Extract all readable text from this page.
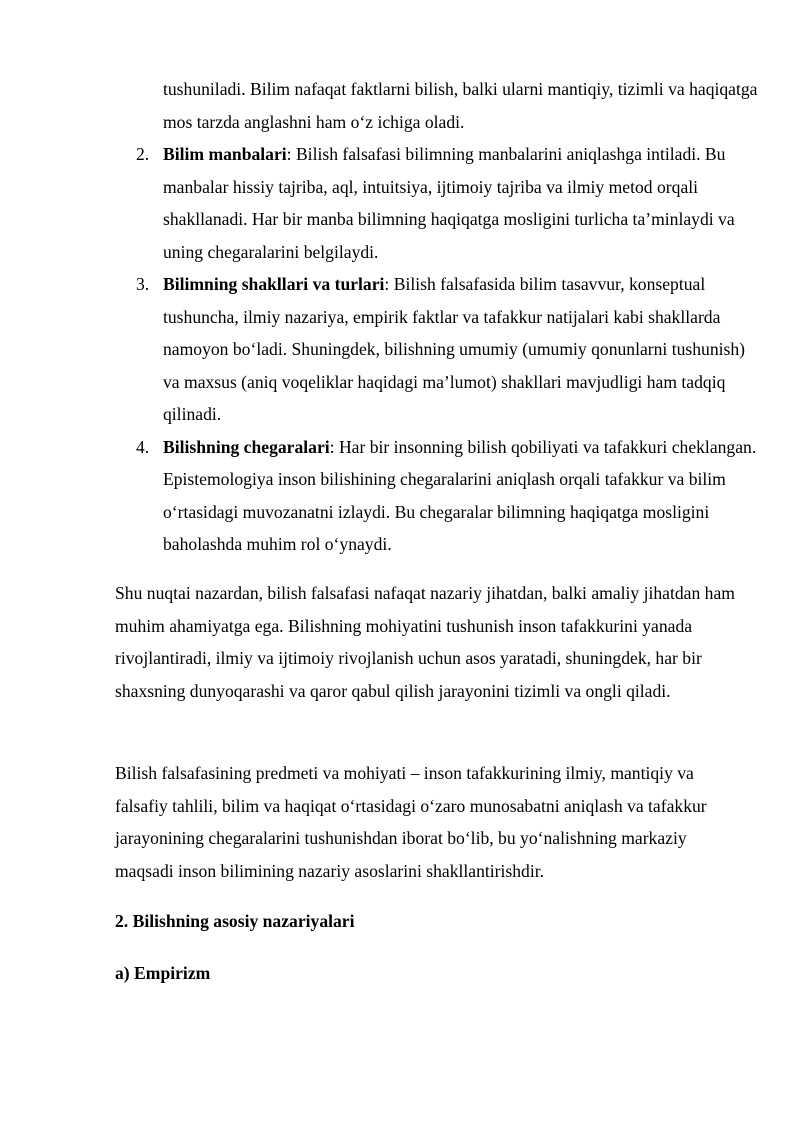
tushuniladi. Bilim nafaqat faktlarni bilish, balki ularni mantiqiy, tizimli va haqiqatga mos tarzda anglashni ham o‘z ichiga oladi.

2. Bilim manbalari: Bilish falsafasi bilimning manbalarini aniqlashga intiladi. Bu manbalar hissiy tajriba, aql, intuitsiya, ijtimoiy tajriba va ilmiy metod orqali shakllanadi. Har bir manba bilimning haqiqatga mosligini turlicha ta’minlaydi va uning chegaralarini belgilaydi.
3. Bilimning shakllari va turlari: Bilish falsafasida bilim tasavvur, konseptual tushuncha, ilmiy nazariya, empirik faktlar va tafakkur natijalari kabi shakllarda namoyon bo‘ladi. Shuningdek, bilishning umumiy (umumiy qonunlarni tushunish) va maxsus (aniq voqeliklar haqidagi ma’lumot) shakllari mavjudligi ham tadqiq qilinadi.
4. Bilishning chegaralari: Har bir insonning bilish qobiliyati va tafakkuri cheklangan. Epistemologiya inson bilishining chegaralarini aniqlash orqali tafakkur va bilim o‘rtasidagi muvozanatni izlaydi. Bu chegaralar bilimning haqiqatga mosligini baholashda muhim rol o‘ynaydi.

Shu nuqtai nazardan, bilish falsafasi nafaqat nazariy jihatdan, balki amaliy jihatdan ham muhim ahamiyatga ega. Bilishning mohiyatini tushunish inson tafakkurini yanada rivojlantiradi, ilmiy va ijtimoiy rivojlanish uchun asos yaratadi, shuningdek, har bir shaxsning dunyoqarashi va qaror qabul qilish jarayonini tizimli va ongli qiladi.

Bilish falsafasining predmeti va mohiyati – inson tafakkurining ilmiy, mantiqiy va falsafiy tahlili, bilim va haqiqat o‘rtasidagi o‘zaro munosabatni aniqlash va tafakkur jarayonining chegaralarini tushunishdan iborat bo‘lib, bu yo‘nalishning markaziy maqsadi inson bilimining nazariy asoslarini shakllantirishdir.

2. Bilishning asosiy nazariyalari

a) Empirizm
